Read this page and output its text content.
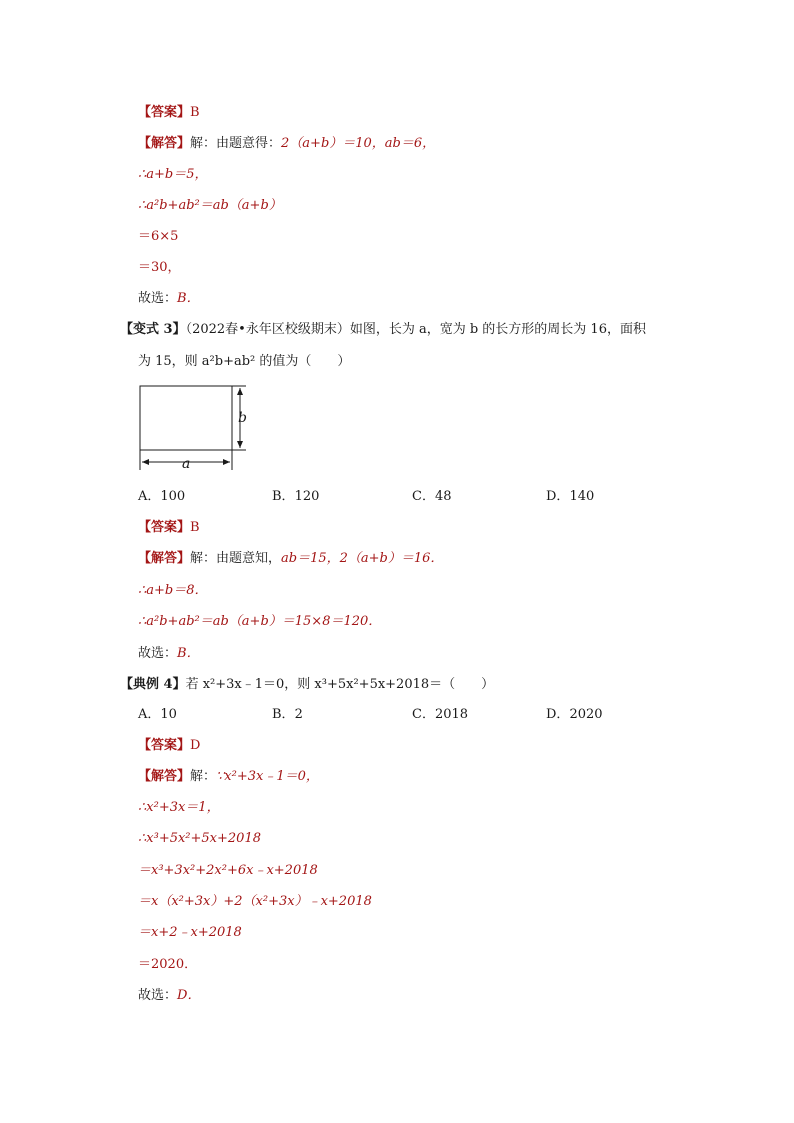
【答案】B
【解答】解：由题意得：2（a+b）＝10，ab＝6，
∴a+b＝5，
∴a²b+ab²＝ab（a+b）
＝6×5
＝30，
故选：B．
【变式 3】（2022春•永年区校级期末）如图，长为 a，宽为 b 的长方形的周长为 16，面积
为 15，则 a²b+ab² 的值为（　　）
b
a
A．100	B．120	C．48	D．140
【答案】B
【解答】解：由题意知，ab＝15，2（a+b）＝16．
∴a+b＝8．
∴a²b+ab²＝ab（a+b）＝15×8＝120．
故选：B．
【典例 4】若 x²+3x﹣1＝0，则 x³+5x²+5x+2018＝（　　）
A．10	B．2	C．2018	D．2020
【答案】D
【解答】解：∵x²+3x﹣1＝0，
∴x²+3x＝1，
∴x³+5x²+5x+2018
＝x³+3x²+2x²+6x﹣x+2018
＝x（x²+3x）+2（x²+3x）﹣x+2018
＝x+2﹣x+2018
＝2020．
故选：D．
